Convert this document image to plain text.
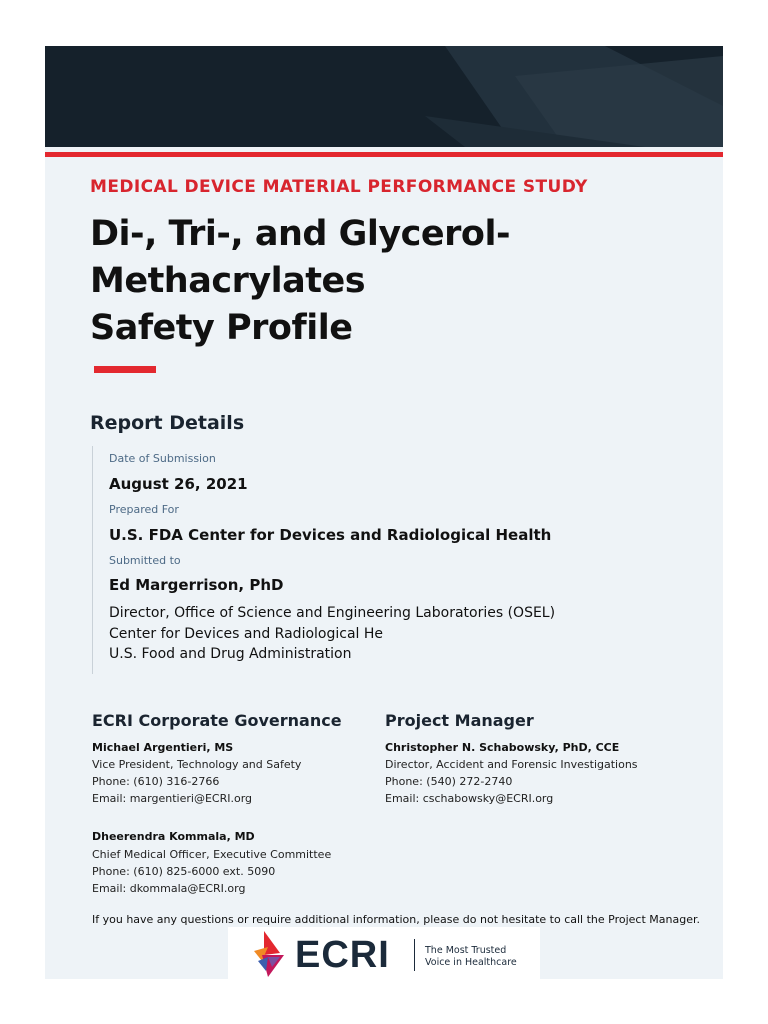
MEDICAL DEVICE MATERIAL PERFORMANCE STUDY
Di-, Tri-, and Glycerol-
Methacrylates
Safety Profile
Report Details
Date of Submission
August 26, 2021
Prepared For
U.S. FDA Center for Devices and Radiological Health
Submitted to
Ed Margerrison, PhD
Director, Office of Science and Engineering Laboratories (OSEL)
Center for Devices and Radiological He
U.S. Food and Drug Administration
ECRI Corporate Governance
Michael Argentieri, MS
Vice President, Technology and Safety
Phone: (610) 316-2766
Email: margentieri@ECRI.org
Dheerendra Kommala, MD
Chief Medical Officer, Executive Committee
Phone: (610) 825-6000 ext. 5090
Email: dkommala@ECRI.org
Project Manager
Christopher N. Schabowsky, PhD, CCE
Director, Accident and Forensic Investigations
Phone: (540) 272-2740
Email: cschabowsky@ECRI.org
If you have any questions or require additional information, please do not hesitate to call the Project Manager.
ECRI	The Most Trusted
Voice in Healthcare
